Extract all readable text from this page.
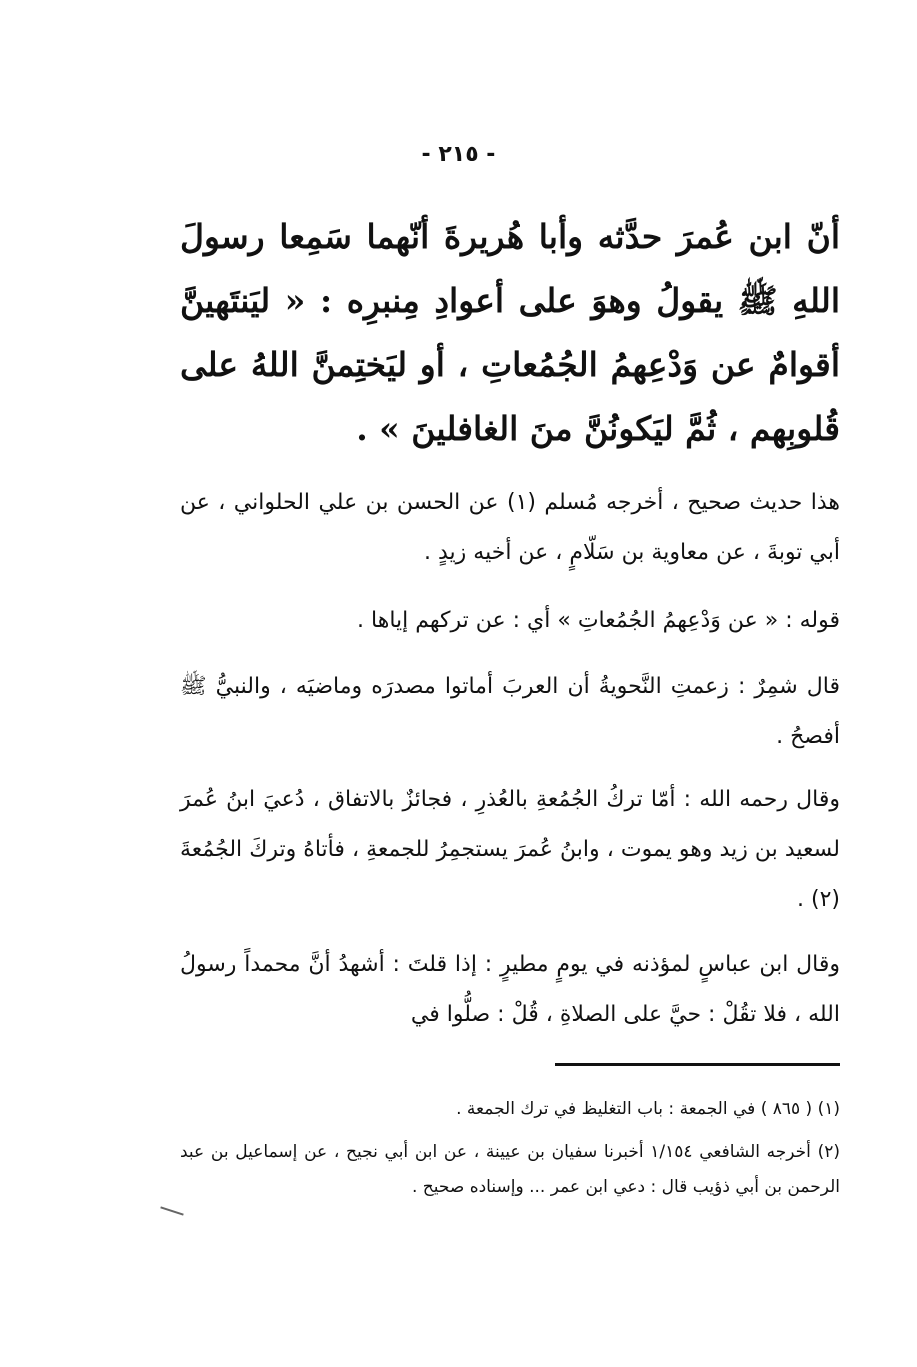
- ٢١٥ -

أنّ ابن عُمرَ حدَّثه وأبا هُريرةَ أنّهما سَمِعا رسولَ اللهِ ﷺ يقولُ وهوَ على أعوادِ مِنبرِه : « ليَنتَهينَّ أقوامٌ عن وَدْعِهمُ الجُمُعاتِ ، أو ليَختِمنَّ اللهُ على قُلوبِهم ، ثُمَّ ليَكونُنَّ منَ الغافلينَ » .

هذا حديث صحيح ، أخرجه مُسلم (١) عن الحسن بن علي الحلواني ، عن أبي توبةَ ، عن معاوية بن سَلّامٍ ، عن أخيه زيدٍ .

قوله : « عن وَدْعِهمُ الجُمُعاتِ » أي : عن تركهم إياها .

قال شمِرٌ : زعمتِ النَّحويةُ أن العربَ أماتوا مصدرَه وماضيَه ، والنبيُّ ﷺ أفصحُ .

وقال رحمه الله : أمّا تركُ الجُمُعةِ بالعُذرِ ، فجائزٌ بالاتفاق ، دُعيَ ابنُ عُمرَ لسعيد بن زيد وهو يموت ، وابنُ عُمرَ يستجمِرُ للجمعةِ ، فأتاهُ وتركَ الجُمُعةَ (٢) .

وقال ابن عباسٍ لمؤذنه في يومٍ مطيرٍ : إذا قلتَ : أشهدُ أنَّ محمداً رسولُ الله ، فلا تقُلْ : حيَّ على الصلاةِ ، قُلْ : صلُّوا في

(١) ( ٨٦٥ ) في الجمعة : باب التغليظ في ترك الجمعة .

(٢) أخرجه الشافعي ١/١٥٤ أخبرنا سفيان بن عيينة ، عن ابن أبي نجيح ، عن إسماعيل بن عبد الرحمن بن أبي ذؤيب قال : دعي ابن عمر ... وإسناده صحيح .
